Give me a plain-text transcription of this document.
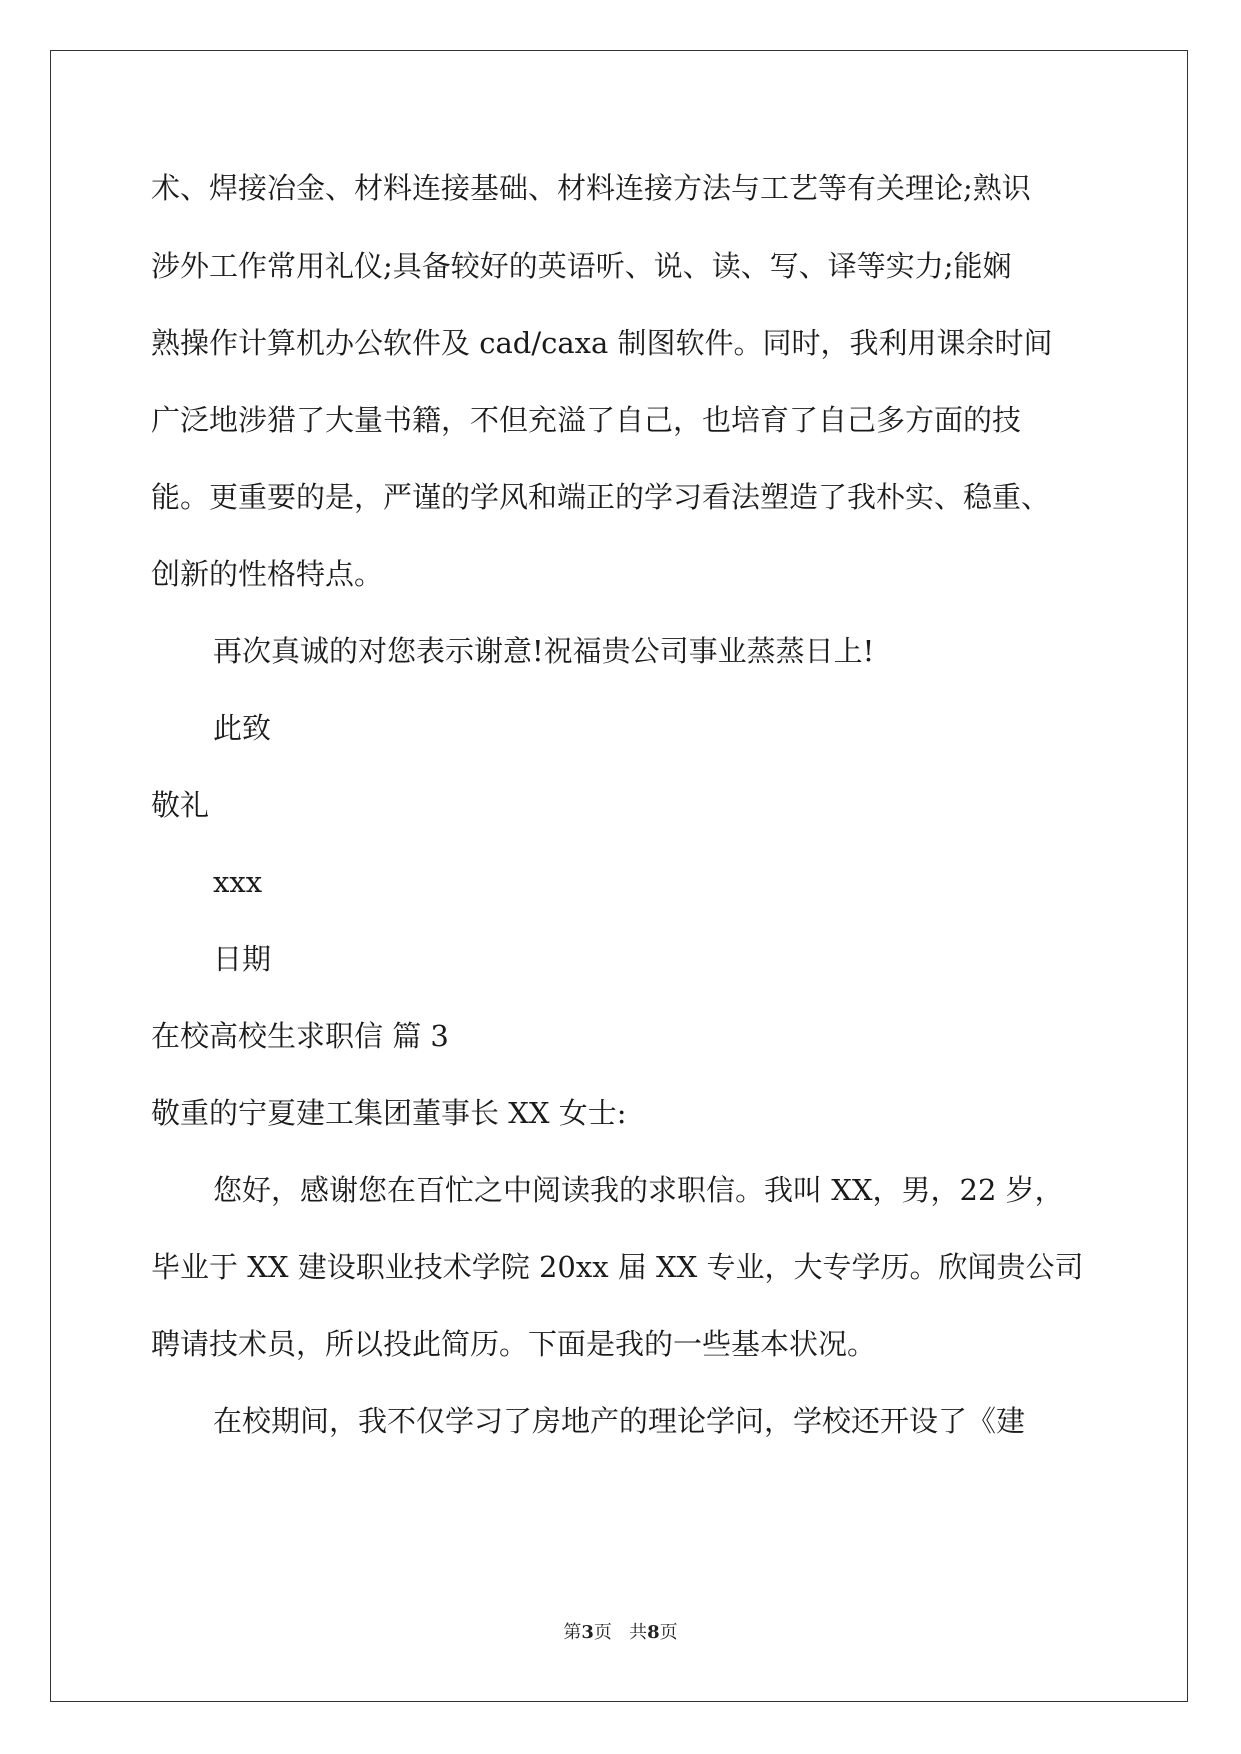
术、焊接冶金、材料连接基础、材料连接方法与工艺等有关理论;熟识
涉外工作常用礼仪;具备较好的英语听、说、读、写、译等实力;能娴
熟操作计算机办公软件及 cad/caxa 制图软件。同时，我利用课余时间
广泛地涉猎了大量书籍，不但充溢了自己，也培育了自己多方面的技
能。更重要的是，严谨的学风和端正的学习看法塑造了我朴实、稳重、
创新的性格特点。
再次真诚的对您表示谢意!祝福贵公司事业蒸蒸日上!
此致
敬礼
xxx
日期
在校高校生求职信 篇 3
敬重的宁夏建工集团董事长 XX 女士:
您好，感谢您在百忙之中阅读我的求职信。我叫 XX，男，22 岁，
毕业于 XX 建设职业技术学院 20xx 届 XX 专业，大专学历。欣闻贵公司
聘请技术员，所以投此简历。下面是我的一些基本状况。
在校期间，我不仅学习了房地产的理论学问，学校还开设了《建
第3页 共8页
